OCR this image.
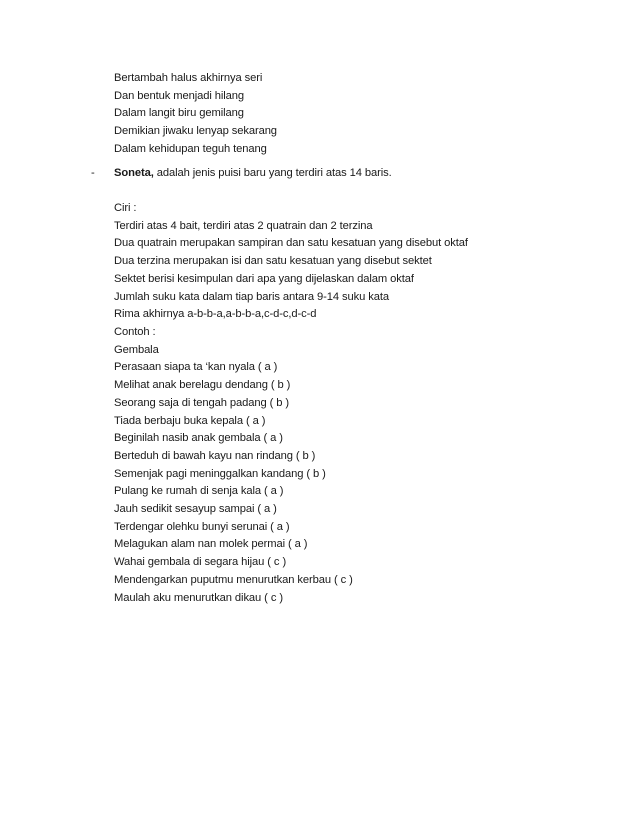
Bertambah halus akhirnya seri
Dan bentuk menjadi hilang
Dalam langit biru gemilang
Demikian jiwaku lenyap sekarang
Dalam kehidupan teguh tenang
- Soneta, adalah jenis puisi baru yang terdiri atas 14 baris.
Ciri :
Terdiri atas 4 bait, terdiri atas 2 quatrain dan 2 terzina
Dua quatrain merupakan sampiran dan satu kesatuan yang disebut oktaf
Dua terzina merupakan isi dan satu kesatuan yang disebut sektet
Sektet berisi kesimpulan dari apa yang dijelaskan dalam oktaf
Jumlah suku kata dalam tiap baris antara 9-14 suku kata
Rima akhirnya a-b-b-a,a-b-b-a,c-d-c,d-c-d
Contoh :
Gembala
Perasaan siapa ta ‘kan nyala ( a )
Melihat anak berelagu dendang ( b )
Seorang saja di tengah padang ( b )
Tiada berbaju buka kepala ( a )
Beginilah nasib anak gembala ( a )
Berteduh di bawah kayu nan rindang ( b )
Semenjak pagi meninggalkan kandang ( b )
Pulang ke rumah di senja kala ( a )
Jauh sedikit sesayup sampai ( a )
Terdengar olehku bunyi serunai ( a )
Melagukan alam nan molek permai ( a )
Wahai gembala di segara hijau ( c )
Mendengarkan puputmu menurutkan kerbau ( c )
Maulah aku menurutkan dikau ( c )
